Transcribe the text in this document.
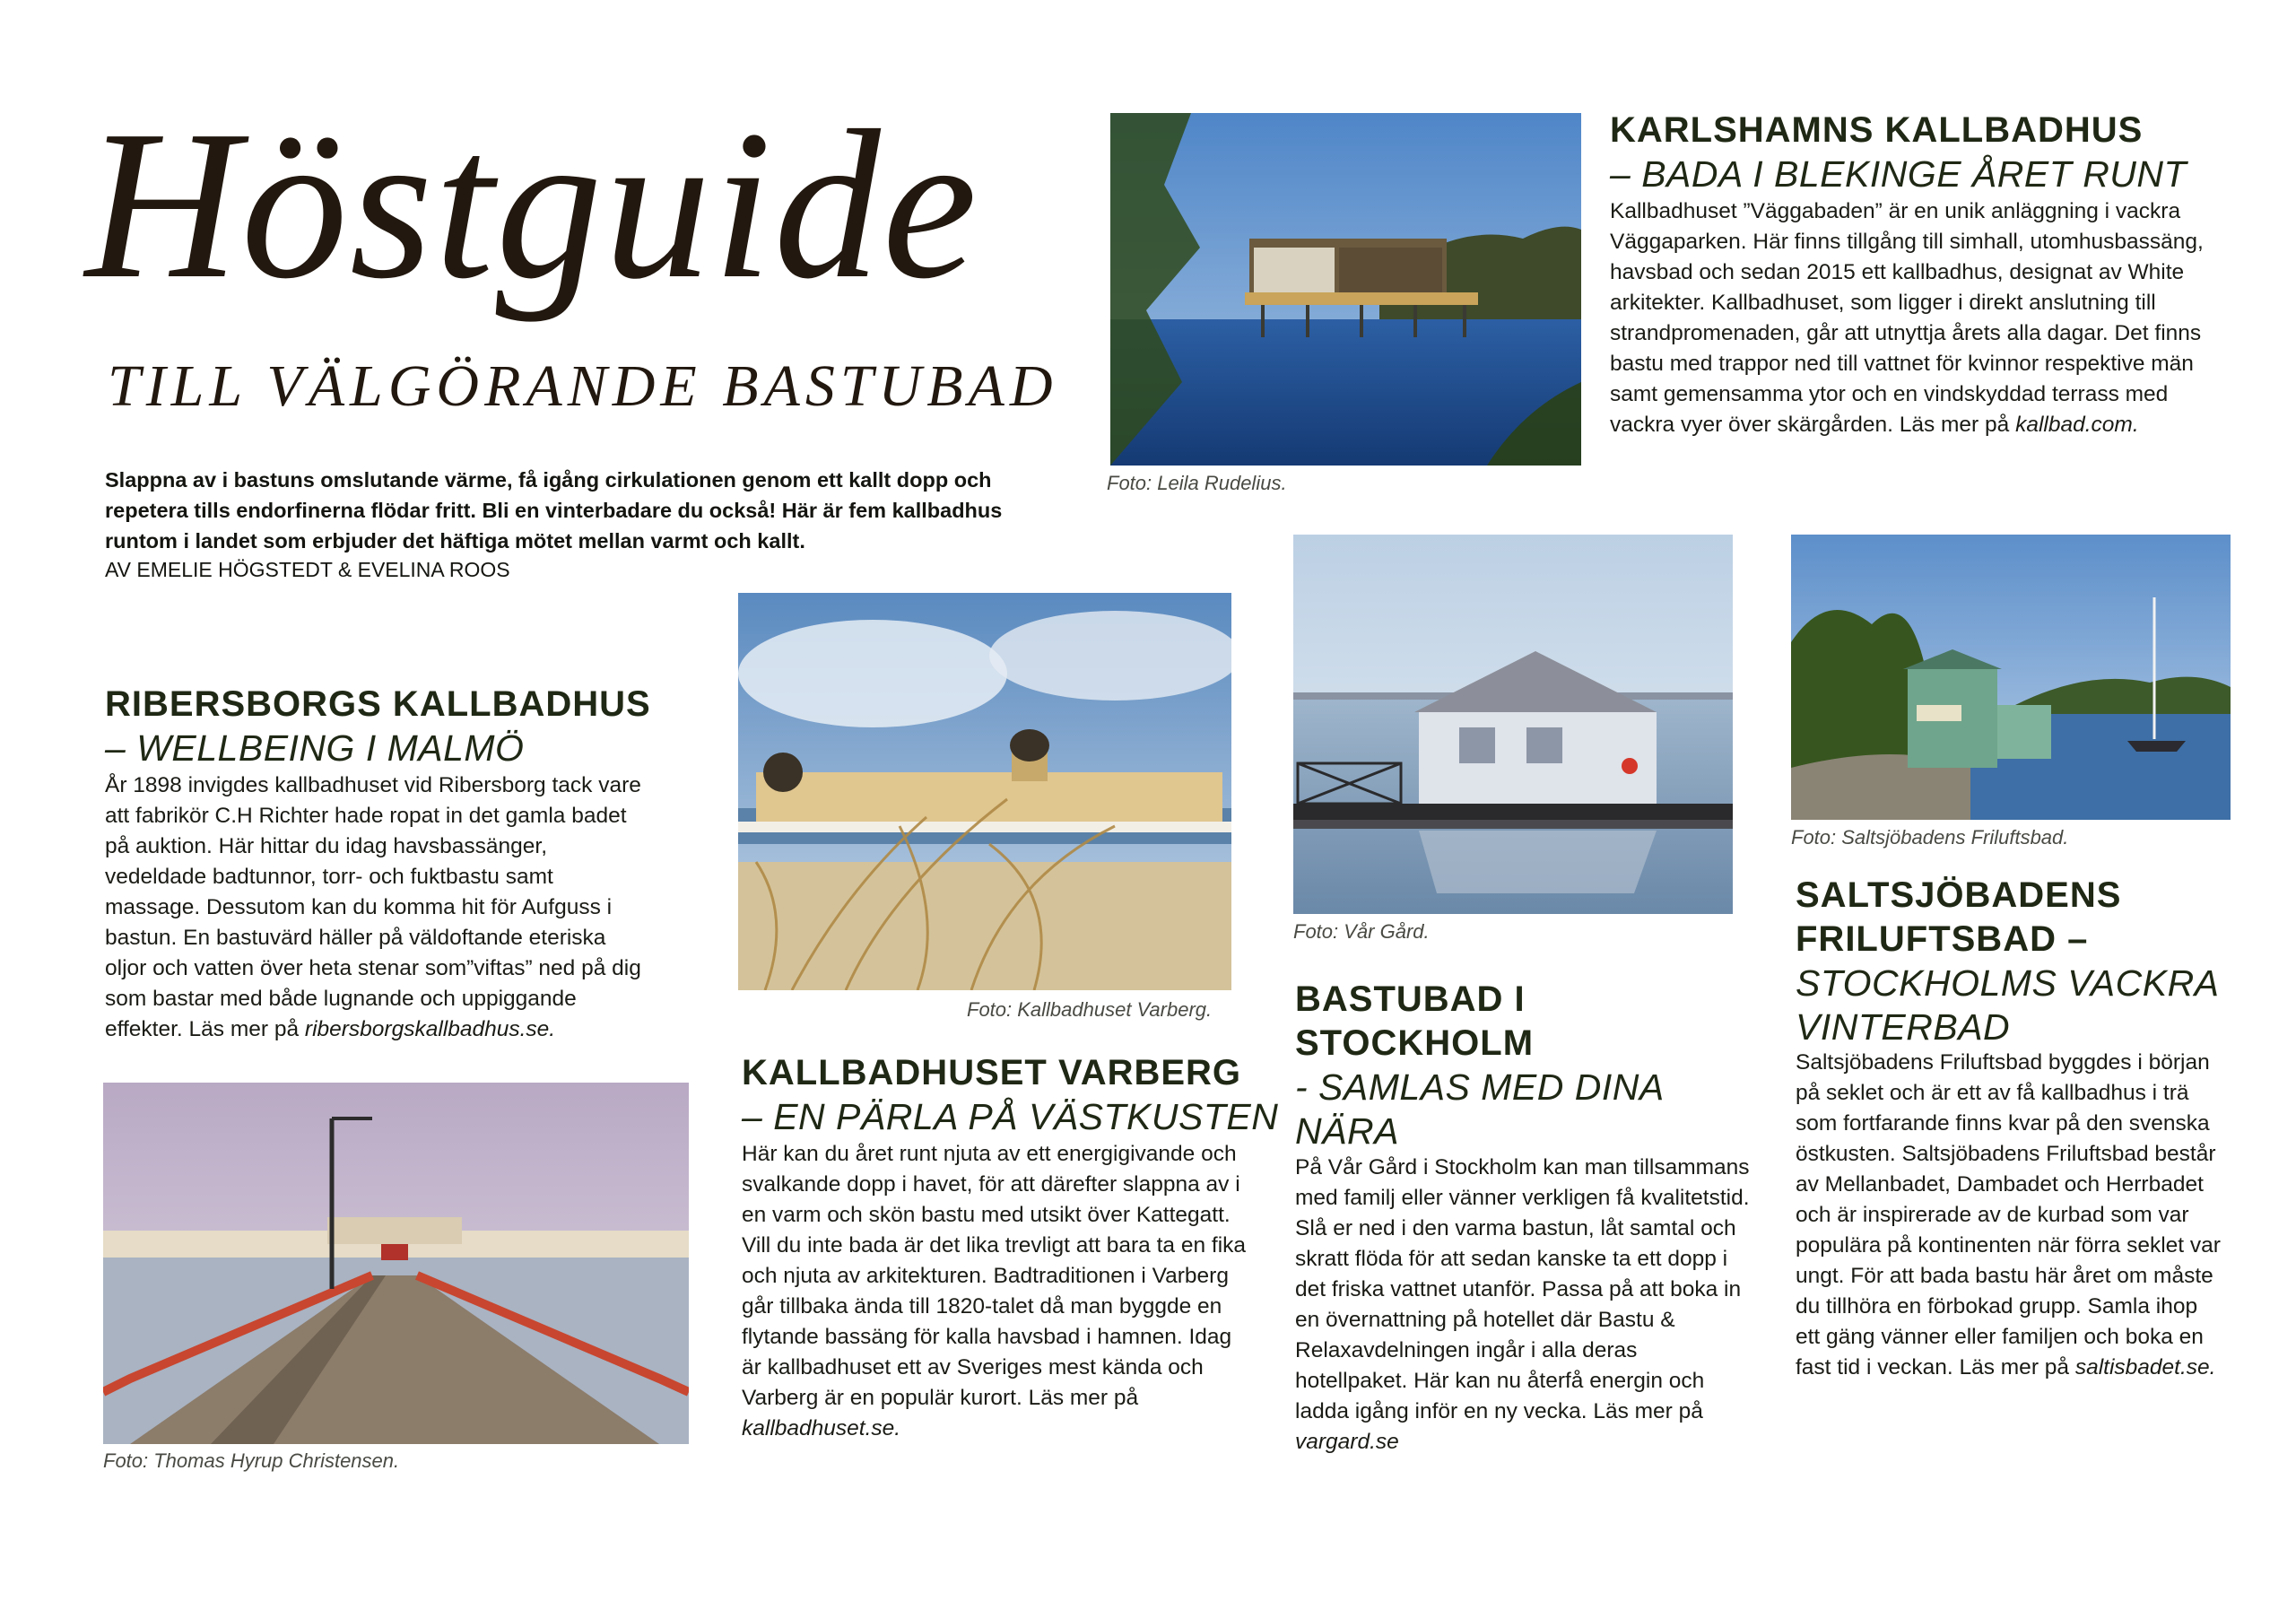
Höstguide
TILL VÄLGÖRANDE BASTUBAD

Slappna av i bastuns omslutande värme, få igång cirkulationen genom ett kallt dopp och repetera tills endorfinerna flödar fritt. Bli en vinterbadare du också! Här är fem kallbadhus runtom i landet som erbjuder det häftiga mötet mellan varmt och kallt.

AV EMELIE HÖGSTEDT & EVELINA ROOS

Foto: Leila Rudelius.

KARLSHAMNS KALLBADHUS
– BADA I BLEKINGE ÅRET RUNT

Kallbadhuset ”Väggabaden” är en unik anläggning i vackra Väggaparken. Här finns tillgång till simhall, utomhusbassäng, havsbad och sedan 2015 ett kallbadhus, designat av White arkitekter. Kallbadhuset, som ligger i direkt anslutning till strandpromenaden, går att utnyttja årets alla dagar. Det finns bastu med trappor ned till vattnet för kvinnor respektive män samt gemensamma ytor och en vindskyddad terrass med vackra vyer över skärgården. Läs mer på kallbad.com.

RIBERSBORGS KALLBADHUS
– WELLBEING I MALMÖ

År 1898 invigdes kallbadhuset vid Ribersborg tack vare att fabrikör C.H Richter hade ropat in det gamla badet på auktion. Här hittar du idag havsbassänger, vedeldade badtunnor, torr- och fuktbastu samt massage. Dessutom kan du komma hit för Aufguss i bastun. En bastuvärd häller på väldoftande eteriska oljor och vatten över heta stenar som”viftas” ned på dig som bastar med både lugnande och uppiggande effekter. Läs mer på ribersborgskallbadhus.se.

Foto: Thomas Hyrup Christensen.

Foto: Kallbadhuset Varberg.

KALLBADHUSET VARBERG
– EN PÄRLA PÅ VÄSTKUSTEN

Här kan du året runt njuta av ett energigivande och svalkande dopp i havet, för att därefter slappna av i en varm och skön bastu med utsikt över Kattegatt. Vill du inte bada är det lika trevligt att bara ta en fika och njuta av arkitekturen. Badtraditionen i Varberg går tillbaka ända till 1820-talet då man byggde en flytande bassäng för kalla havsbad i hamnen. Idag är kallbadhuset ett av Sveriges mest kända och Varberg är en populär kurort. Läs mer på kallbadhuset.se.

Foto: Vår Gård.

BASTUBAD I STOCKHOLM
- SAMLAS MED DINA NÄRA

På Vår Gård i Stockholm kan man tillsammans med familj eller vänner verkligen få kvalitetstid. Slå er ned i den varma bastun, låt samtal och skratt flöda för att sedan kanske ta ett dopp i det friska vattnet utanför. Passa på att boka in en övernattning på hotellet där Bastu & Relaxavdelningen ingår i alla deras hotellpaket. Här kan nu återfå energin och ladda igång inför en ny vecka. Läs mer på vargard.se

Foto: Saltsjöbadens Friluftsbad.

SALTSJÖBADENS FRILUFTSBAD –
STOCKHOLMS VACKRA VINTERBAD

Saltsjöbadens Friluftsbad byggdes i början på seklet och är ett av få kallbadhus i trä som fortfarande finns kvar på den svenska östkusten. Saltsjöbadens Friluftsbad består av Mellanbadet, Dambadet och Herrbadet och är inspirerade av de kurbad som var populära på kontinenten när förra seklet var ungt. För att bada bastu här året om måste du tillhöra en förbokad grupp. Samla ihop ett gäng vänner eller familjen och boka en fast tid i veckan. Läs mer på saltisbadet.se.
